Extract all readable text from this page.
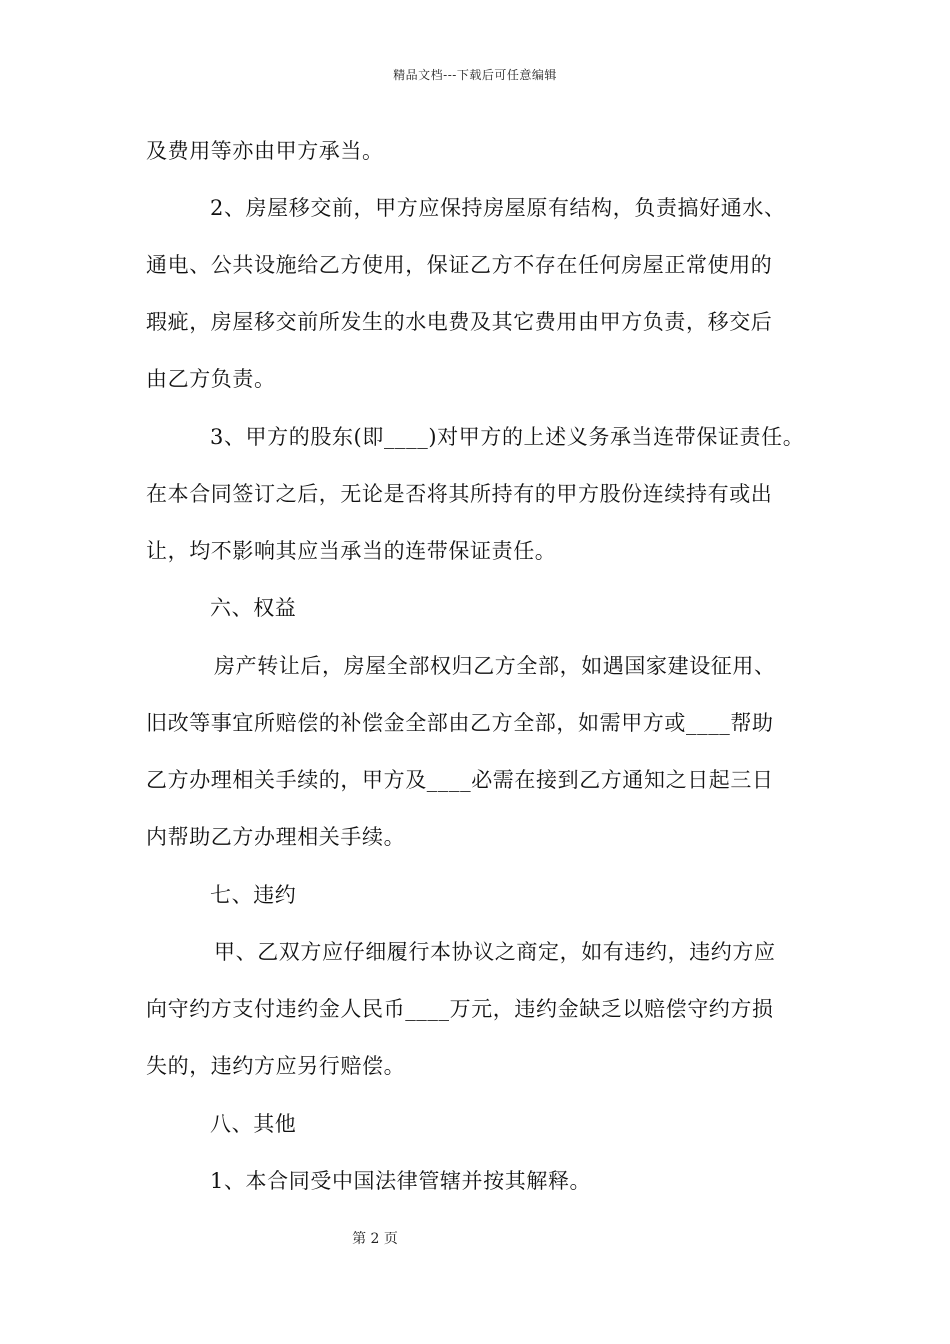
精品文档---下载后可任意编辑
及费用等亦由甲方承当。
2、房屋移交前，甲方应保持房屋原有结构，负责搞好通水、
通电、公共设施给乙方使用，保证乙方不存在任何房屋正常使用的
瑕疵，房屋移交前所发生的水电费及其它费用由甲方负责，移交后
由乙方负责。
3、甲方的股东(即____)对甲方的上述义务承当连带保证责任。
在本合同签订之后，无论是否将其所持有的甲方股份连续持有或出
让，均不影响其应当承当的连带保证责任。
六、权益
房产转让后，房屋全部权归乙方全部，如遇国家建设征用、
旧改等事宜所赔偿的补偿金全部由乙方全部，如需甲方或____帮助
乙方办理相关手续的，甲方及____必需在接到乙方通知之日起三日
内帮助乙方办理相关手续。
七、违约
甲、乙双方应仔细履行本协议之商定，如有违约，违约方应
向守约方支付违约金人民币____万元，违约金缺乏以赔偿守约方损
失的，违约方应另行赔偿。
八、其他
1、本合同受中国法律管辖并按其解释。
第 2 页
